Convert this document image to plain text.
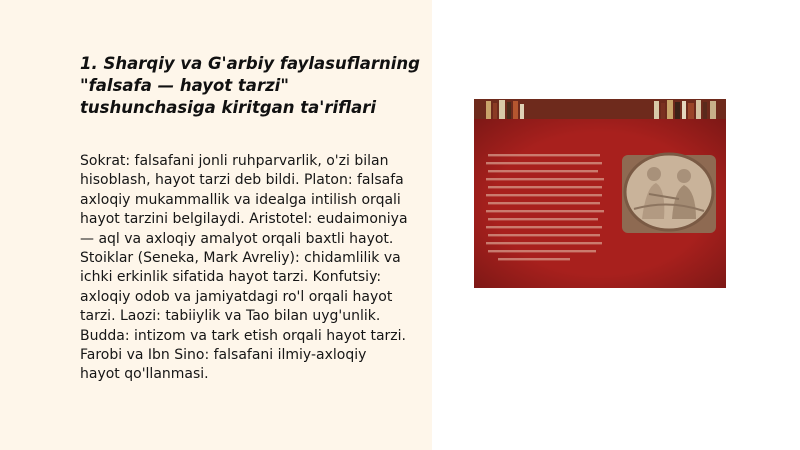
1. Sharqiy va G'arbiy faylasuflarning "falsafa — hayot tarzi" tushunchasiga kiritgan ta'riflari

Sokrat: falsafani jonli ruhparvarlik, o'zi bilan hisoblash, hayot tarzi deb bildi. Platon: falsafa axloqiy mukammallik va idealga intilish orqali hayot tarzini belgilaydi. Aristotel: eudaimoniya — aql va axloqiy amalyot orqali baxtli hayot. Stoiklar (Seneka, Mark Avreliy): chidamlilik va ichki erkinlik sifatida hayot tarzi. Konfutsiy: axloqiy odob va jamiyatdagi ro'l orqali hayot tarzi. Laozi: tabiiylik va Tao bilan uyg'unlik. Budda: intizom va tark etish orqali hayot tarzi. Farobi va Ibn Sino: falsafani ilmiy-axloqiy hayot qo'llanmasi.
